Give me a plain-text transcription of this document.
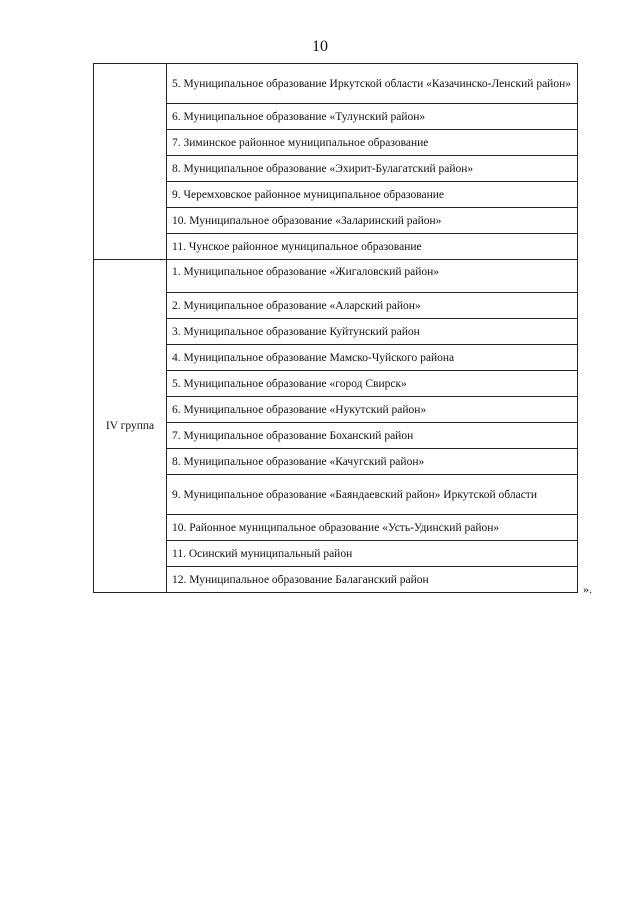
10
	5. Муниципальное образование Иркутской области «Казачинско-Ленский район»
	6. Муниципальное образование «Тулунский район»
	7. Зиминское районное муниципальное образование
	8. Муниципальное образование «Эхирит-Булагатский район»
	9. Черемховское районное муниципальное образование
	10. Муниципальное образование «Заларинский район»
	11. Чунское районное муниципальное образование
IV группа	1. Муниципальное образование «Жигаловский район»
	2. Муниципальное образование «Аларский район»
	3. Муниципальное образование Куйтунский район
	4. Муниципальное образование Мамско-Чуйского района
	5. Муниципальное образование «город Свирск»
	6. Муниципальное образование «Нукутский район»
	7. Муниципальное образование Боханский район
	8. Муниципальное образование «Качугский район»
	9. Муниципальное образование «Баяндаевский район» Иркутской области
	10. Районное муниципальное образование «Усть-Удинский район»
	11. Осинский муниципальный район
	12. Муниципальное образование Балаганский район
».
